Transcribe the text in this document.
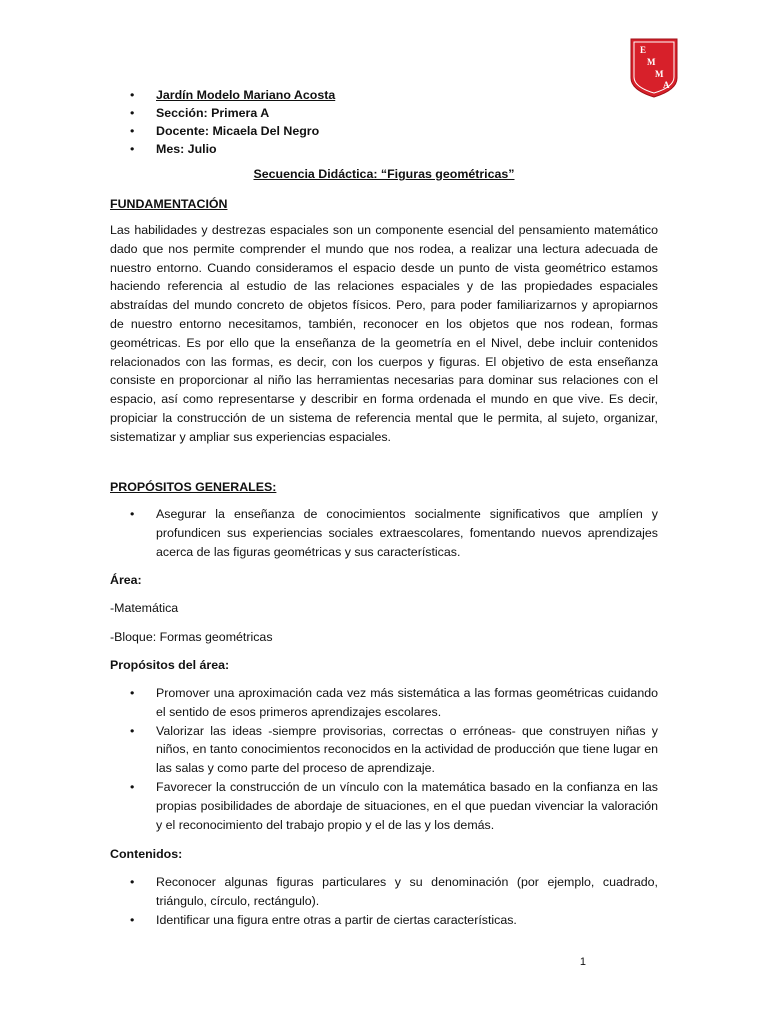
E
M
M
A
• Jardín Modelo Mariano Acosta
• Sección: Primera A
• Docente: Micaela Del Negro
• Mes: Julio
Secuencia Didáctica: “Figuras geométricas”
FUNDAMENTACIÓN
Las habilidades y destrezas espaciales son un componente esencial del pensamiento matemático dado que nos permite comprender el mundo que nos rodea, a realizar una lectura adecuada de nuestro entorno. Cuando consideramos el espacio desde un punto de vista geométrico estamos haciendo referencia al estudio de las relaciones espaciales y de las propiedades espaciales abstraídas del mundo concreto de objetos físicos. Pero, para poder familiarizarnos y apropiarnos de nuestro entorno necesitamos, también, reconocer en los objetos que nos rodean, formas geométricas. Es por ello que la enseñanza de la geometría en el Nivel, debe incluir contenidos relacionados con las formas, es decir, con los cuerpos y figuras. El objetivo de esta enseñanza consiste en proporcionar al niño las herramientas necesarias para dominar sus relaciones con el espacio, así como representarse y describir en forma ordenada el mundo en que vive. Es decir, propiciar la construcción de un sistema de referencia mental que le permita, al sujeto, organizar, sistematizar y ampliar sus experiencias espaciales.
PROPÓSITOS GENERALES:
• Asegurar la enseñanza de conocimientos socialmente significativos que amplíen y profundicen sus experiencias sociales extraescolares, fomentando nuevos aprendizajes acerca de las figuras geométricas y sus características.
Área:
-Matemática
-Bloque: Formas geométricas
Propósitos del área:
• Promover una aproximación cada vez más sistemática a las formas geométricas cuidando el sentido de esos primeros aprendizajes escolares.
• Valorizar las ideas -siempre provisorias, correctas o erróneas- que construyen niñas y niños, en tanto conocimientos reconocidos en la actividad de producción que tiene lugar en las salas y como parte del proceso de aprendizaje.
• Favorecer la construcción de un vínculo con la matemática basado en la confianza en las propias posibilidades de abordaje de situaciones, en el que puedan vivenciar la valoración y el reconocimiento del trabajo propio y el de las y los demás.
Contenidos:
• Reconocer algunas figuras particulares y su denominación (por ejemplo, cuadrado, triángulo, círculo, rectángulo).
• Identificar una figura entre otras a partir de ciertas características.
1
